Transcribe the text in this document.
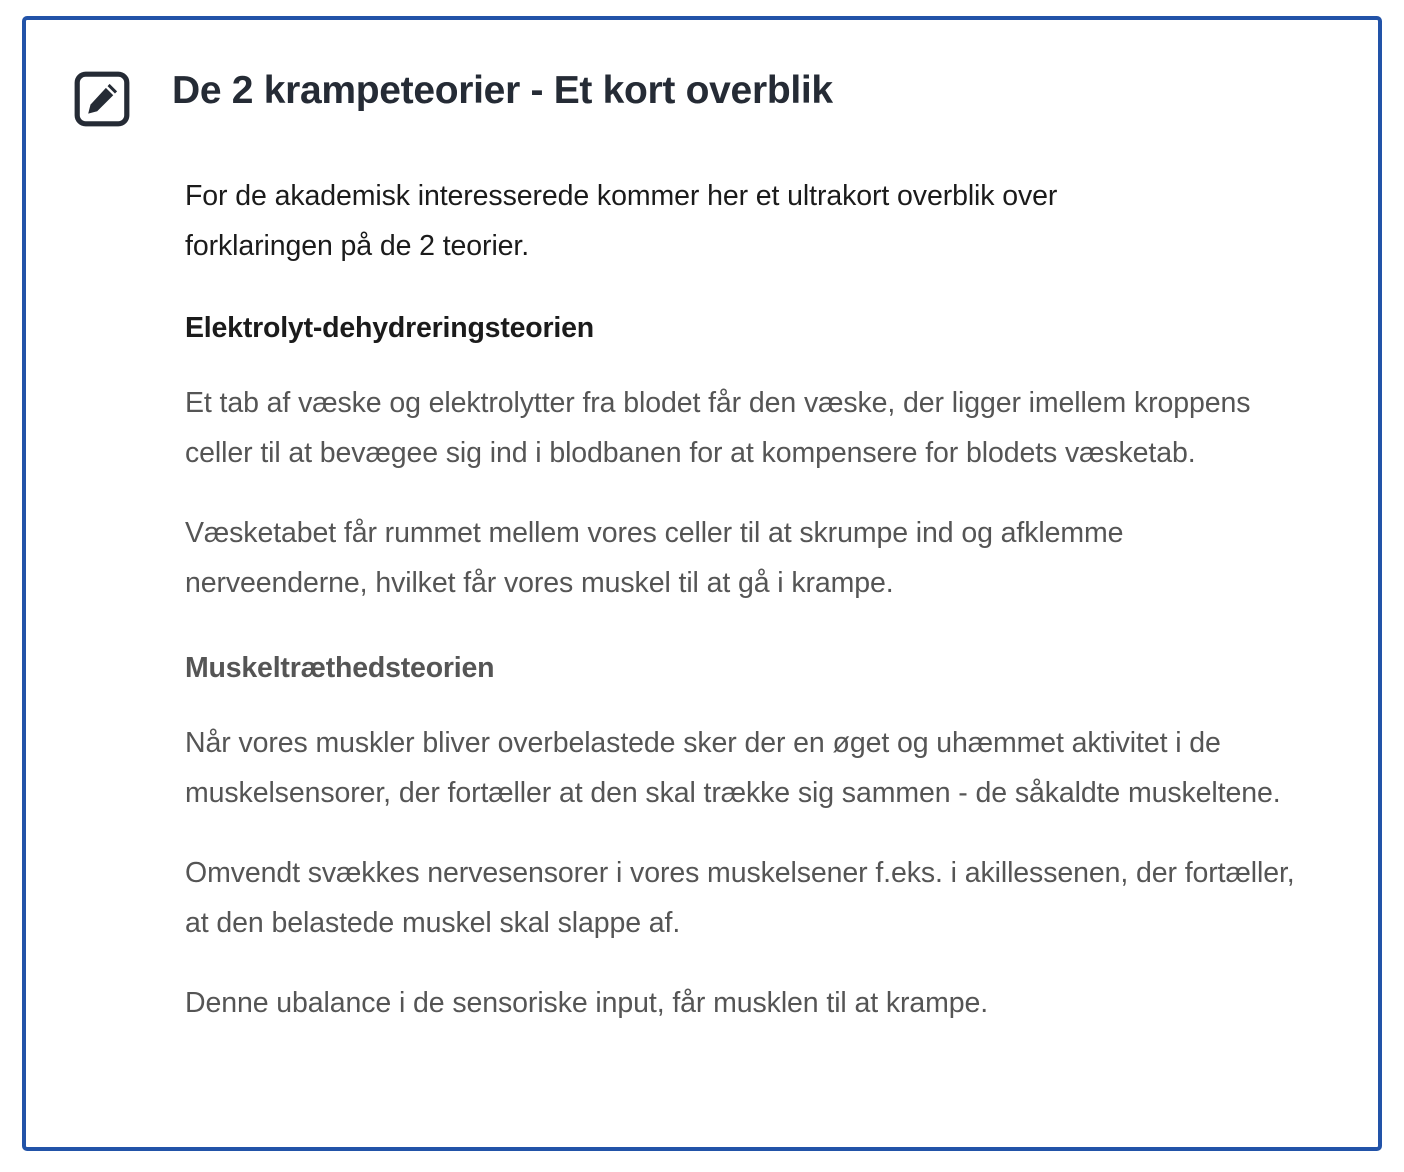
De 2 krampeteorier - Et kort overblik

For de akademisk interesserede kommer her et ultrakort overblik over forklaringen på de 2 teorier.

Elektrolyt-dehydreringsteorien

Et tab af væske og elektrolytter fra blodet får den væske, der ligger imellem kroppens celler til at bevægee sig ind i blodbanen for at kompensere for blodets væsketab.

Væsketabet får rummet mellem vores celler til at skrumpe ind og afklemme nerveenderne, hvilket får vores muskel til at gå i krampe.

Muskeltræthedsteorien

Når vores muskler bliver overbelastede sker der en øget og uhæmmet aktivitet i de muskelsensorer, der fortæller at den skal trække sig sammen - de såkaldte muskeltene.

Omvendt svækkes nervesensorer i vores muskelsener f.eks. i akillessenen, der fortæller, at den belastede muskel skal slappe af.

Denne ubalance i de sensoriske input, får musklen til at krampe.
